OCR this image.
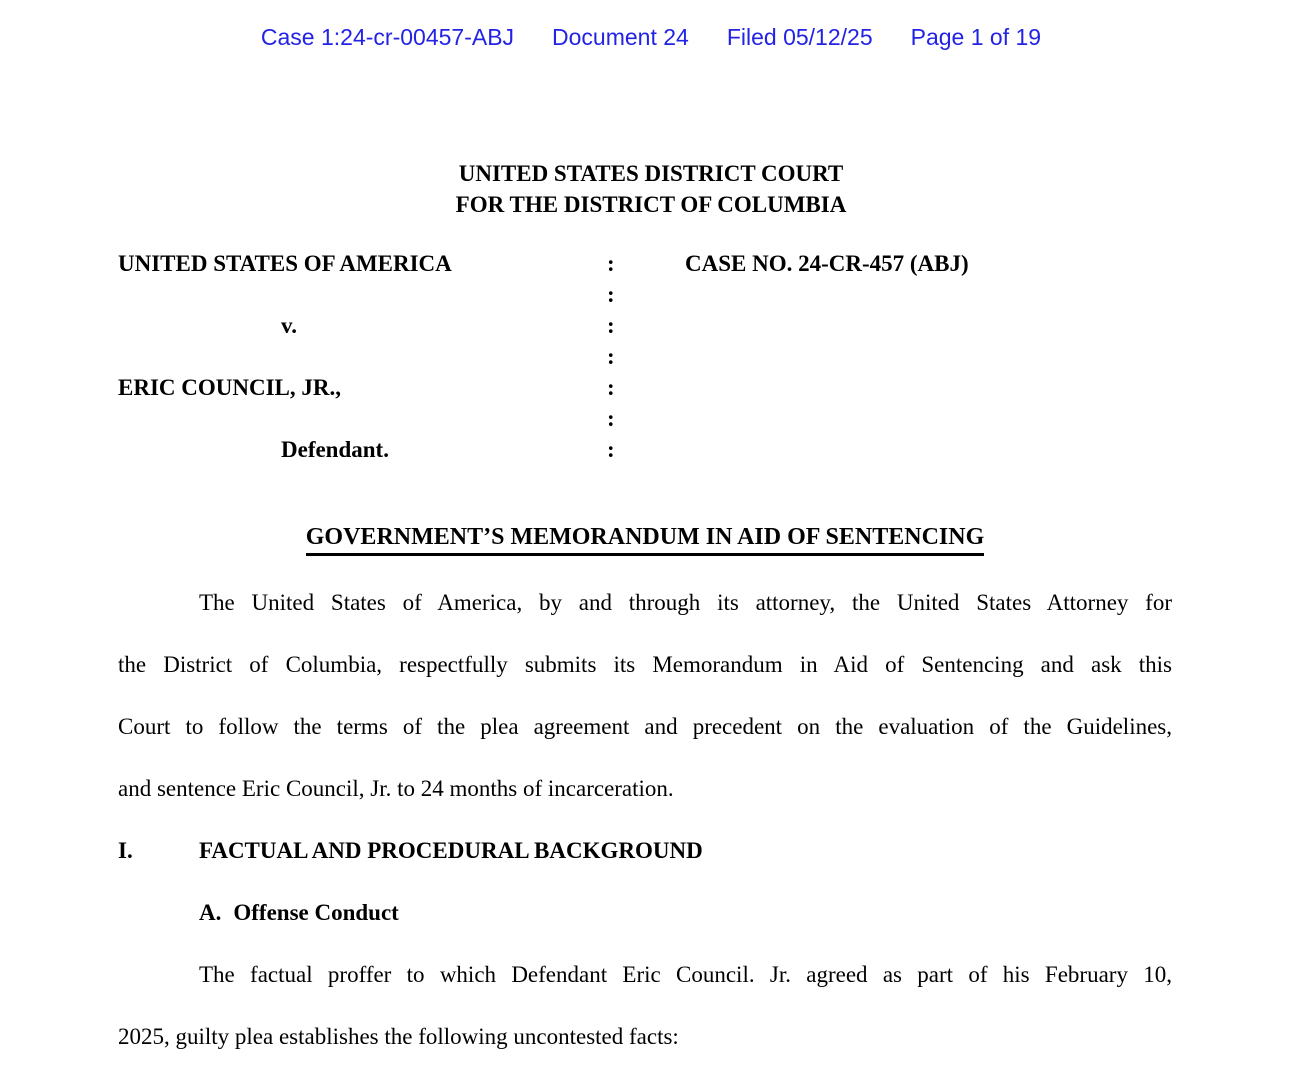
Case 1:24-cr-00457-ABJ Document 24 Filed 05/12/25 Page 1 of 19
UNITED STATES DISTRICT COURT
FOR THE DISTRICT OF COLUMBIA
UNITED STATES OF AMERICA	:	CASE NO. 24-CR-457 (ABJ)
:
v.	:
:
ERIC COUNCIL, JR.,	:
:
Defendant.	:
GOVERNMENT’S MEMORANDUM IN AID OF SENTENCING
The United States of America, by and through its attorney, the United States Attorney for
the District of Columbia, respectfully submits its Memorandum in Aid of Sentencing and ask this
Court to follow the terms of the plea agreement and precedent on the evaluation of the Guidelines,
and sentence Eric Council, Jr. to 24 months of incarceration.
I.	FACTUAL AND PROCEDURAL BACKGROUND
A. Offense Conduct
The factual proffer to which Defendant Eric Council. Jr. agreed as part of his February 10,
2025, guilty plea establishes the following uncontested facts:
